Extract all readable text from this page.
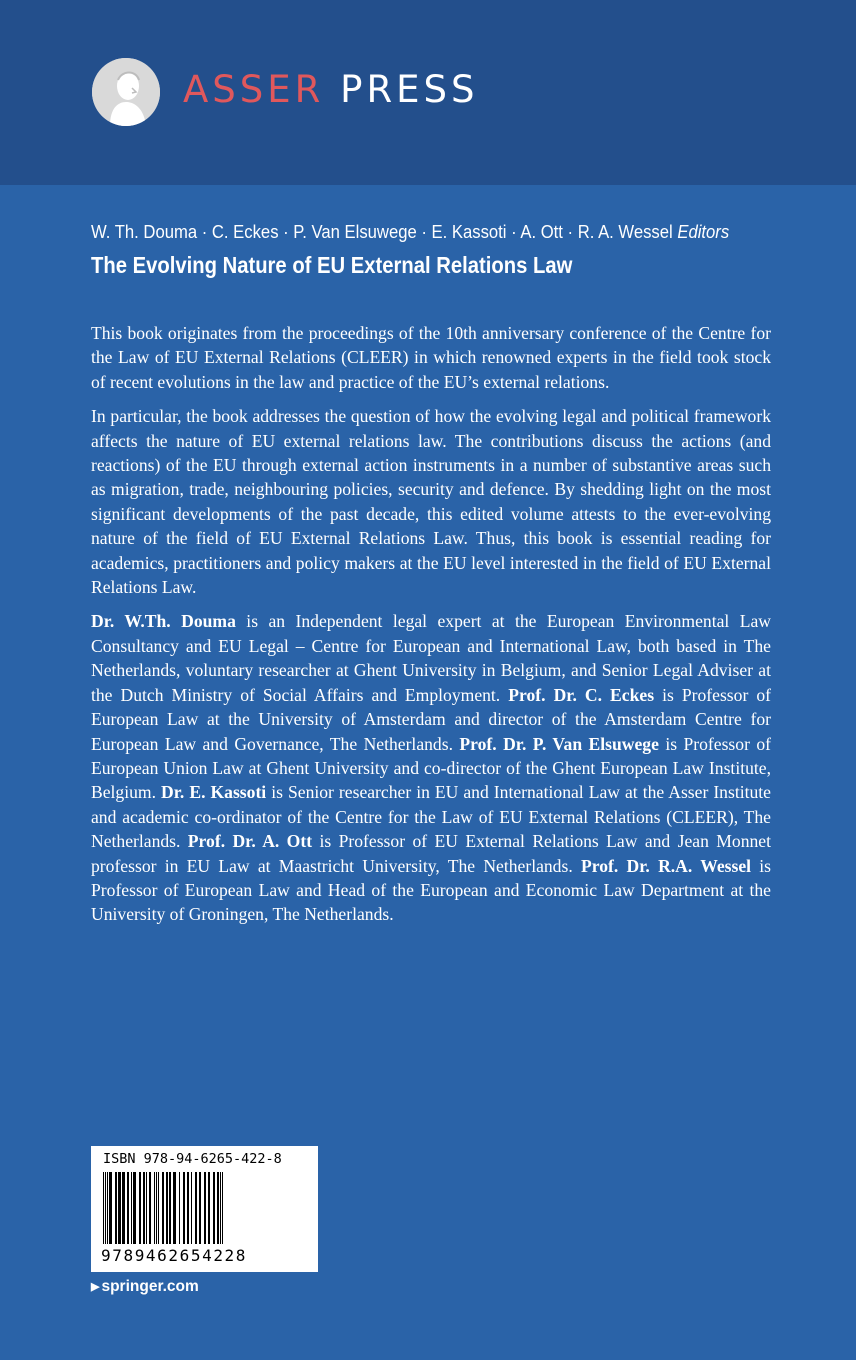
ASSER PRESS
W. Th. Douma · C. Eckes · P. Van Elsuwege · E. Kassoti · A. Ott · R. A. Wessel Editors
The Evolving Nature of EU External Relations Law

This book originates from the proceedings of the 10th anniversary conference of the Centre for the Law of EU External Relations (CLEER) in which renowned experts in the field took stock of recent evolutions in the law and practice of the EU’s external relations.

In particular, the book addresses the question of how the evolving legal and political framework affects the nature of EU external relations law. The contributions discuss the actions (and reactions) of the EU through external action instruments in a number of substantive areas such as migration, trade, neighbouring policies, security and defence. By shedding light on the most significant developments of the past decade, this edited volume attests to the ever-evolving nature of the field of EU External Relations Law. Thus, this book is essential reading for academics, practitioners and policy makers at the EU level interested in the field of EU External Relations Law.

Dr. W.Th. Douma is an Independent legal expert at the European Environmental Law Consultancy and EU Legal – Centre for European and International Law, both based in The Netherlands, voluntary researcher at Ghent University in Belgium, and Senior Legal Adviser at the Dutch Ministry of Social Affairs and Employment. Prof. Dr. C. Eckes is Professor of European Law at the University of Amsterdam and director of the Amsterdam Centre for European Law and Governance, The Netherlands. Prof. Dr. P. Van Elsuwege is Professor of European Union Law at Ghent University and co-director of the Ghent European Law Institute, Belgium. Dr. E. Kassoti is Senior researcher in EU and International Law at the Asser Institute and academic co-ordinator of the Centre for the Law of EU External Relations (CLEER), The Netherlands. Prof. Dr. A. Ott is Professor of EU External Relations Law and Jean Monnet professor in EU Law at Maastricht University, The Netherlands. Prof. Dr. R.A. Wessel is Professor of European Law and Head of the European and Economic Law Department at the University of Groningen, The Netherlands.

ISBN 978-94-6265-422-8
9789462654228
▶ springer.com
